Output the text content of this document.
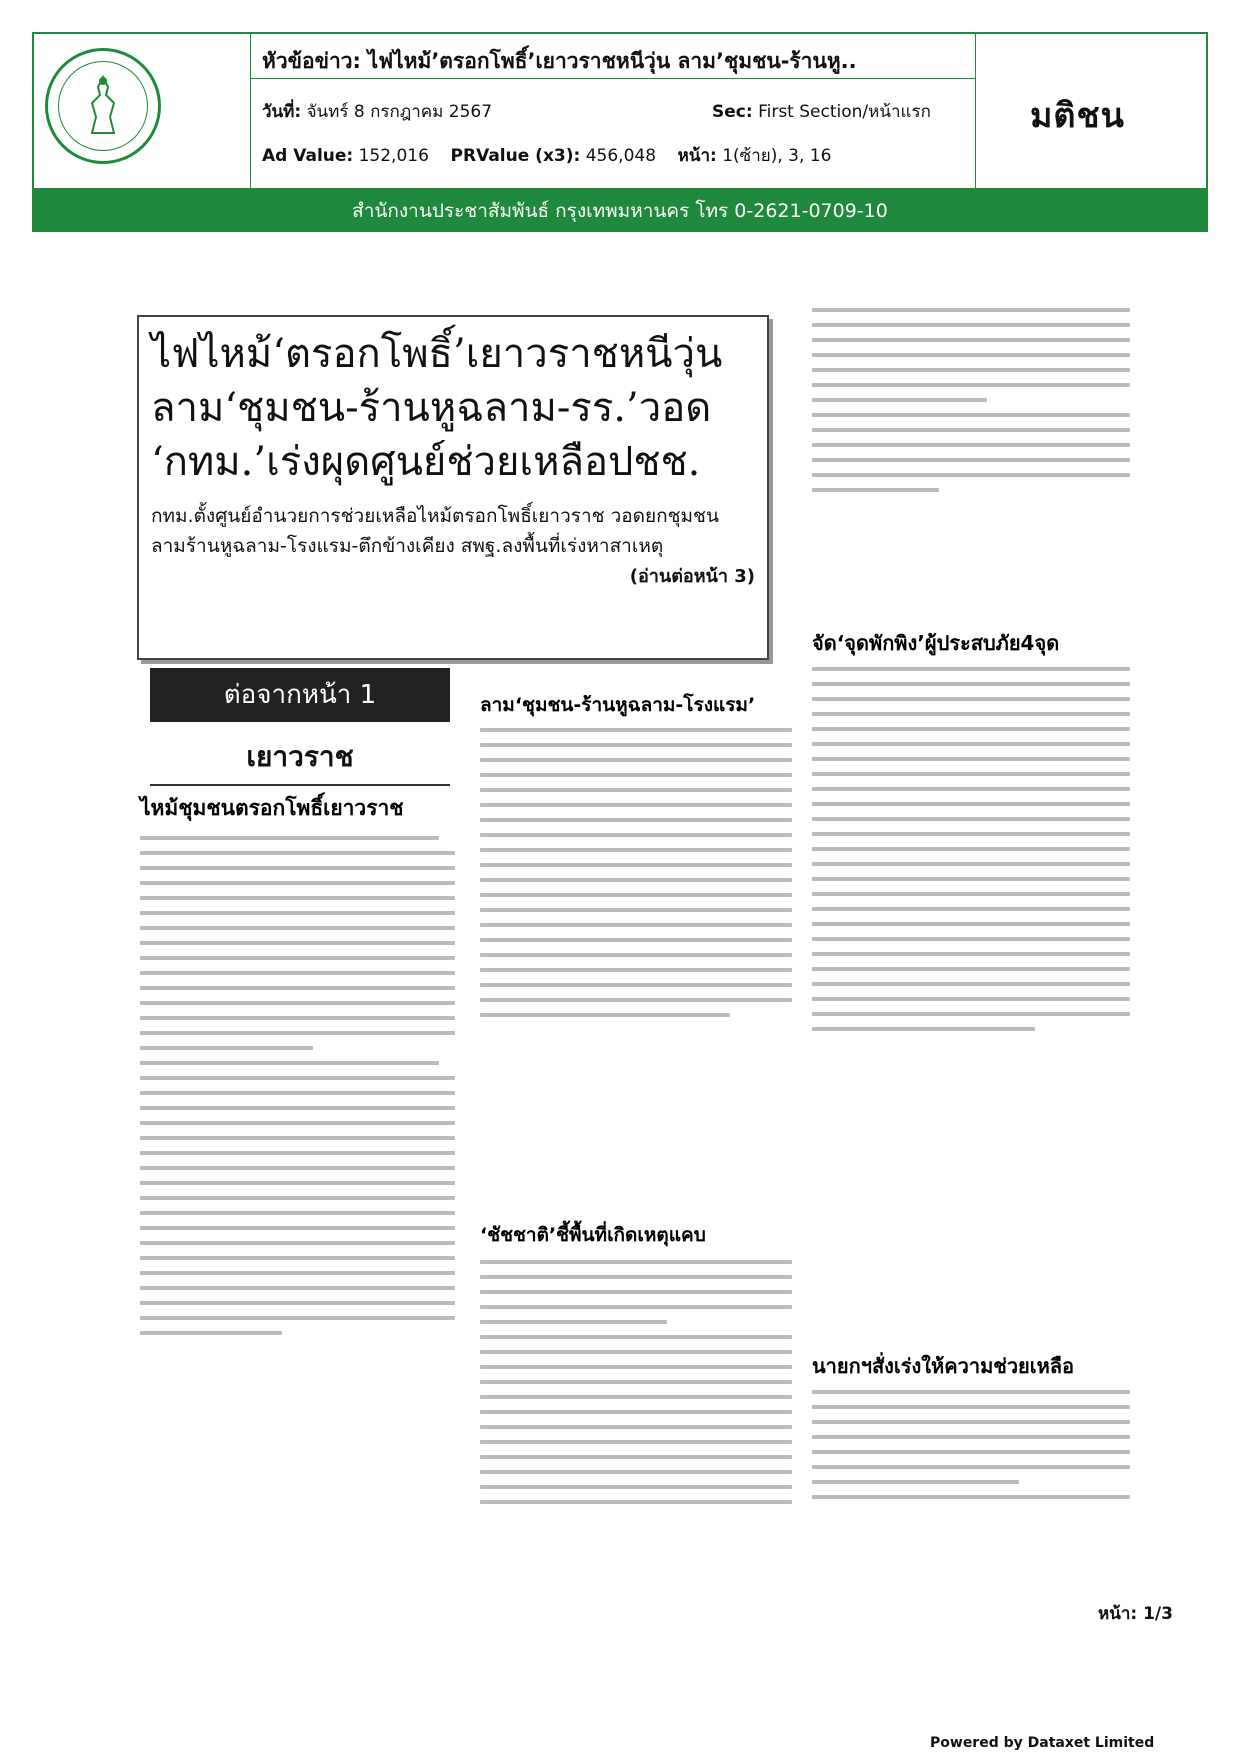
หัวข้อข่าว: ไฟไหม้’ตรอกโพธิ์’เยาวราชหนีวุ่น ลาม’ชุมชน-ร้านหู..
วันที่: จันทร์ 8 กรกฎาคม 2567	Sec: First Section/หน้าแรก
Ad Value: 152,016 PRValue (x3): 456,048 หน้า: 1(ซ้าย), 3, 16
มติชน
สำนักงานประชาสัมพันธ์ กรุงเทพมหานคร โทร 0-2621-0709-10
ไฟไหม้‘ตรอกโพธิ์’เยาวราชหนีวุ่น
ลาม‘ชุมชน-ร้านหูฉลาม-รร.’วอด
‘กทม.’เร่งผุดศูนย์ช่วยเหลือปชช.
กทม.ตั้งศูนย์อำนวยการช่วยเหลือไหม้ตรอกโพธิ์เยาวราช วอดยกชุมชน ลามร้านหูฉลาม-โรงแรม-ตึกข้างเคียง สพฐ.ลงพื้นที่เร่งหาสาเหตุ
(อ่านต่อหน้า 3)
ต่อจากหน้า 1
เยาวราช
ไหม้ชุมชนตรอกโพธิ์เยาวราช
ลาม‘ชุมชน-ร้านหูฉลาม-โรงแรม’
‘ชัชชาติ’ชี้พื้นที่เกิดเหตุแคบ
จัด‘จุดพักพิง’ผู้ประสบภัย4จุด
นายกฯสั่งเร่งให้ความช่วยเหลือ
หน้า: 1/3
Powered by Dataxet Limited
